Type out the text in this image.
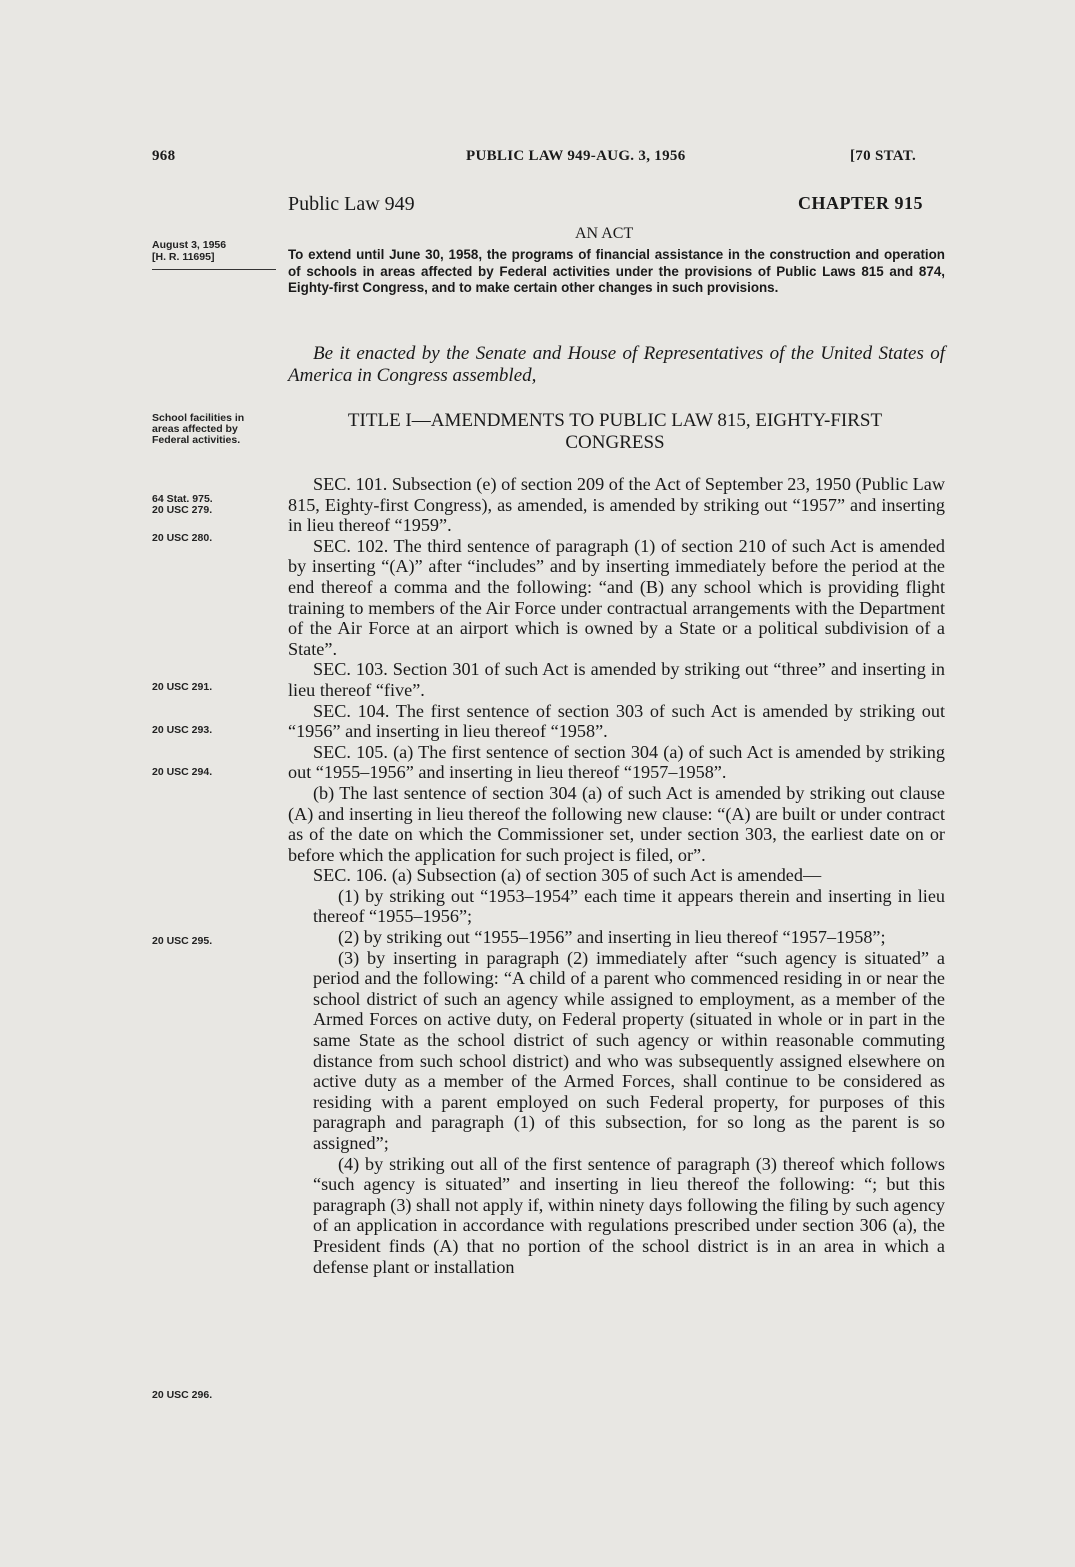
968	PUBLIC LAW 949-AUG. 3, 1956	[70 STAT.
Public Law 949	CHAPTER 915
AN ACT
August 3, 1956
[H. R. 11695]	To extend until June 30, 1958, the programs of financial assistance in the construction and operation of schools in areas affected by Federal activities under the provisions of Public Laws 815 and 874, Eighty-first Congress, and to make certain other changes in such provisions.
Be it enacted by the Senate and House of Representatives of the United States of America in Congress assembled,
School facilities in areas affected by Federal activities.
TITLE I—AMENDMENTS TO PUBLIC LAW 815, EIGHTY-FIRST CONGRESS
64 Stat. 975.
20 USC 279.
20 USC 280.
20 USC 291.
20 USC 293.
20 USC 294.
20 USC 295.
20 USC 296.

SEC. 101. Subsection (e) of section 209 of the Act of September 23, 1950 (Public Law 815, Eighty-first Congress), as amended, is amended by striking out “1957” and inserting in lieu thereof “1959”.

SEC. 102. The third sentence of paragraph (1) of section 210 of such Act is amended by inserting “(A)” after “includes” and by inserting immediately before the period at the end thereof a comma and the following: “and (B) any school which is providing flight training to members of the Air Force under contractual arrangements with the Department of the Air Force at an airport which is owned by a State or a political subdivision of a State”.

SEC. 103. Section 301 of such Act is amended by striking out “three” and inserting in lieu thereof “five”.

SEC. 104. The first sentence of section 303 of such Act is amended by striking out “1956” and inserting in lieu thereof “1958”.

SEC. 105. (a) The first sentence of section 304 (a) of such Act is amended by striking out “1955–1956” and inserting in lieu thereof “1957–1958”.

(b) The last sentence of section 304 (a) of such Act is amended by striking out clause (A) and inserting in lieu thereof the following new clause: “(A) are built or under contract as of the date on which the Commissioner set, under section 303, the earliest date on or before which the application for such project is filed, or”.

SEC. 106. (a) Subsection (a) of section 305 of such Act is amended—

(1) by striking out “1953–1954” each time it appears therein and inserting in lieu thereof “1955–1956”;

(2) by striking out “1955–1956” and inserting in lieu thereof “1957–1958”;

(3) by inserting in paragraph (2) immediately after “such agency is situated” a period and the following: “A child of a parent who commenced residing in or near the school district of such an agency while assigned to employment, as a member of the Armed Forces on active duty, on Federal property (situated in whole or in part in the same State as the school district of such agency or within reasonable commuting distance from such school district) and who was subsequently assigned elsewhere on active duty as a member of the Armed Forces, shall continue to be considered as residing with a parent employed on such Federal property, for purposes of this paragraph and paragraph (1) of this subsection, for so long as the parent is so assigned”;

(4) by striking out all of the first sentence of paragraph (3) thereof which follows “such agency is situated” and inserting in lieu thereof the following: “; but this paragraph (3) shall not apply if, within ninety days following the filing by such agency of an application in accordance with regulations prescribed under section 306 (a), the President finds (A) that no portion of the school district is in an area in which a defense plant or installation
